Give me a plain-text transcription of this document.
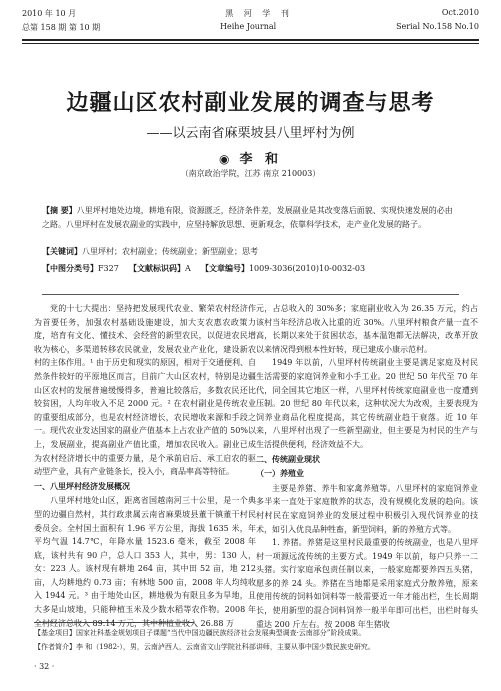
2010 年 10 月	黑 河 学 刊	Oct.2010
总第 158 期 第 10 期	Heihe Journal	Serial No.158 No.10
边疆山区农村副业发展的调查与思考
——以云南省麻栗坡县八里坪村为例
◉ 李 和
（南京政治学院，江苏 南京 210003）

【摘 要】八里坪村地处边境，耕地有限，资源匮乏，经济条件差，发展副业是其改变落后面貌、实现快速发展的必由之路。八里坪村在发展农副业的实践中，应坚持解放思想、更新观念，依靠科学技术，走产业化发展的路子。

【关键词】八里坪村；农村副业；传统副业；新型副业；思考

【中图分类号】F327 【文献标识码】A 【文章编号】1009-3036(2010)10-0032-03

党的十七大提出：坚持把发展现代农业、繁荣农村经济作为首要任务，加强农村基础设施建设，加大支农惠农政策力度，培育有文化、懂技术、会经营的新型农民，以促进农民增收为核心，多渠道转移农民就业，发展农业产业化，建设新农村的主体作用。¹ 由于历史和现实的原因，相对于交通便利、自然条件较好的平原地区而言，目前广大山区农村，特别是边疆山区农村的发展普遍缓慢得多，普遍比较落后，多数农民还比较贫困，人均年收入不足 2000 元。² 在农村副业是传统农业的重要组成部分，也是农村经济增长，农民增收来源和手段之一。现代农业发达国家的副业产值基本上占农业产值的 50%以上，发展副业，提高副业产值比重，增加农民收入。副业已成为农村经济增长中的重要力量，是个承前启后、承工启农的驱动型产业，具有产业链条长，投入小，商品率高等特征。

一、八里坪村经济发展概况

八里坪村地处山区，距离省国越南河三十公里，是一个典型的边疆自然村，其行政隶属云南省麻栗坡县董干镇董干村民委员会。全村国土面积有 1.96 平方公里，海拔 1635 米，年平均气温 14.7℃，年降水量 1523.6 毫米，截至 2008 年底，该村共有 90 户，总人口 353 人，其中，男：130 人，女：223 人。该村现有耕地 264 亩，其中田 52 亩，地 212 亩，人均耕地约 0.73 亩；有林地 500 亩，2008 年人均纯收入 1944 元。³ 由于地处山区，耕地极为有限且多为旱地，且大多是山坡地，只能种植玉米及少数水稻等农作物。2008 年全村经济总收入 89.14 万元，其中种植业收入 26.88 万

元，占总收入的 30%多；家庭副业收入为 26.35 万元，约占该村当年经济总收入比重的近 30%。八里坪村粮食产量一直不高，长期以来处于贫困状态，基本温饱都无法解决，改革开放以来情况得到根本性好转，现已建成小康示范村。

1949 年以前，八里坪村传统副业主要是满足家庭及村民生活需要的家庭饲养业和小手工业。20 世纪 50 年代至 70 年代，同全国其它地区一样，八里坪村传统家庭副业也一度遭到压制。20 世纪 80 年代以来，这种状况大为改观，主要表现为饲养业商品化程度提高，其它传统副业趋于衰落。近 10 年来，八里坪村出现了一些新型副业，但主要是为村民的生产与生活提供便利，经济效益不大。

二、传统副业现状

（一）养殖业

主要是养猪、养牛和家禽养殖等。八里坪村的家庭饲养业多半来一直处于家庭散养的状态，没有规模化发展的趋向。该村村民在家庭饲养业的发展过程中积极引入现代饲养业的技术，如引入优良品种牲畜，新型饲料，新的养殖方式等。

1. 养猪。养猪是这里村民最重要的传统副业，也是八里坪村一项源远流传统的主要方式。1949 年以前，每户只养一二头猪。实行家庭承包责任制以来，一般家庭都要养四五头猪，愿多的养 24 头。养猪在当地都是采用家庭式分散养殖，原来使用传统的饲料如饲料等一般需要近一年才能出栏，生长周期长，使用新型的混合饲料饲养一般半年即可出栏，出栏时每头重达 200 斤左右。按 2008 年生猪收

【基金项目】国家社科基金规划项目子课题“当代中国边疆民族经济社会发展典型调查·云南部分”阶段成果。
【作者简介】李 和（1982-），男，云南泸西人，云南省文山学院社科部讲师，主要从事中国少数民族史研究。
· 32 ·
